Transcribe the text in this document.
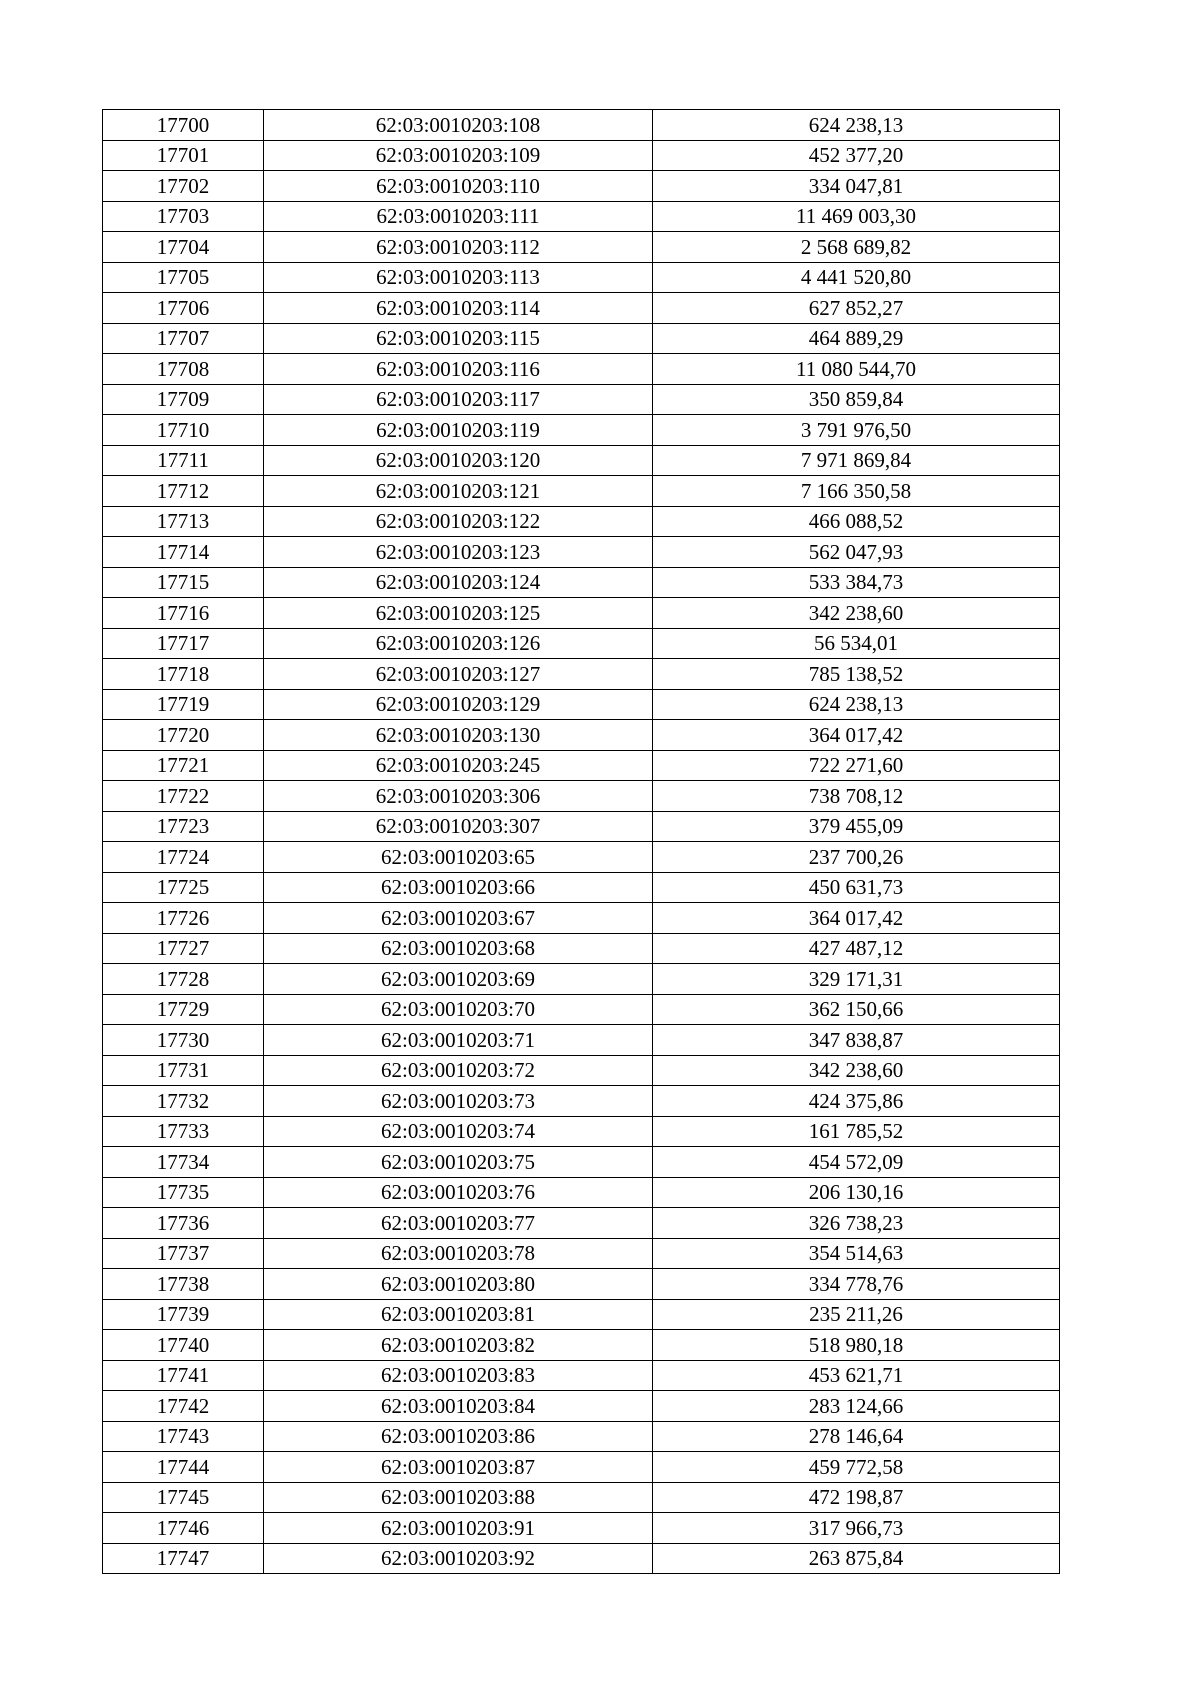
17700	62:03:0010203:108	624 238,13
17701	62:03:0010203:109	452 377,20
17702	62:03:0010203:110	334 047,81
17703	62:03:0010203:111	11 469 003,30
17704	62:03:0010203:112	2 568 689,82
17705	62:03:0010203:113	4 441 520,80
17706	62:03:0010203:114	627 852,27
17707	62:03:0010203:115	464 889,29
17708	62:03:0010203:116	11 080 544,70
17709	62:03:0010203:117	350 859,84
17710	62:03:0010203:119	3 791 976,50
17711	62:03:0010203:120	7 971 869,84
17712	62:03:0010203:121	7 166 350,58
17713	62:03:0010203:122	466 088,52
17714	62:03:0010203:123	562 047,93
17715	62:03:0010203:124	533 384,73
17716	62:03:0010203:125	342 238,60
17717	62:03:0010203:126	56 534,01
17718	62:03:0010203:127	785 138,52
17719	62:03:0010203:129	624 238,13
17720	62:03:0010203:130	364 017,42
17721	62:03:0010203:245	722 271,60
17722	62:03:0010203:306	738 708,12
17723	62:03:0010203:307	379 455,09
17724	62:03:0010203:65	237 700,26
17725	62:03:0010203:66	450 631,73
17726	62:03:0010203:67	364 017,42
17727	62:03:0010203:68	427 487,12
17728	62:03:0010203:69	329 171,31
17729	62:03:0010203:70	362 150,66
17730	62:03:0010203:71	347 838,87
17731	62:03:0010203:72	342 238,60
17732	62:03:0010203:73	424 375,86
17733	62:03:0010203:74	161 785,52
17734	62:03:0010203:75	454 572,09
17735	62:03:0010203:76	206 130,16
17736	62:03:0010203:77	326 738,23
17737	62:03:0010203:78	354 514,63
17738	62:03:0010203:80	334 778,76
17739	62:03:0010203:81	235 211,26
17740	62:03:0010203:82	518 980,18
17741	62:03:0010203:83	453 621,71
17742	62:03:0010203:84	283 124,66
17743	62:03:0010203:86	278 146,64
17744	62:03:0010203:87	459 772,58
17745	62:03:0010203:88	472 198,87
17746	62:03:0010203:91	317 966,73
17747	62:03:0010203:92	263 875,84
